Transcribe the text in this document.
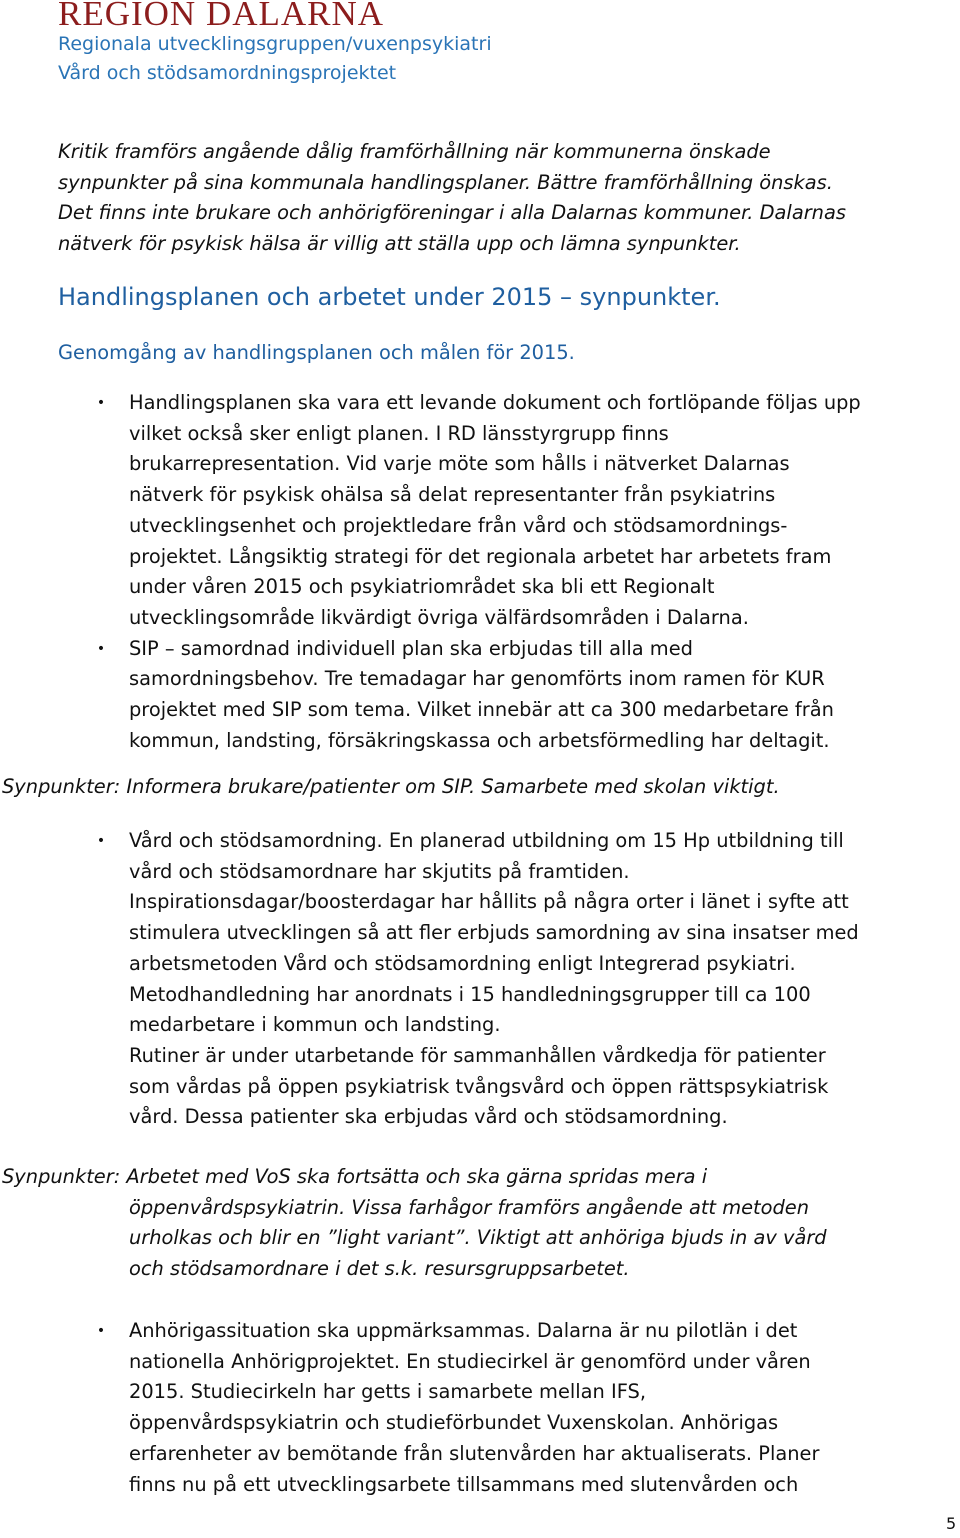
REGION DALARNA
Regionala utvecklingsgruppen/vuxenpsykiatri
Vård och stödsamordningsprojektet
Kritik framförs angående dålig framförhållning när kommunerna önskade
synpunkter på sina kommunala handlingsplaner. Bättre framförhållning önskas.
Det finns inte brukare och anhörigföreningar i alla Dalarnas kommuner. Dalarnas
nätverk för psykisk hälsa är villig att ställa upp och lämna synpunkter.
Handlingsplanen och arbetet under 2015 – synpunkter.
Genomgång av handlingsplanen och målen för 2015.
• Handlingsplanen ska vara ett levande dokument och fortlöpande följas upp
vilket också sker enligt planen. I RD länsstyrgrupp finns
brukarrepresentation. Vid varje möte som hålls i nätverket Dalarnas
nätverk för psykisk ohälsa så delat representanter från psykiatrins
utvecklingsenhet och projektledare från vård och stödsamordnings-
projektet. Långsiktig strategi för det regionala arbetet har arbetets fram
under våren 2015 och psykiatriområdet ska bli ett Regionalt
utvecklingsområde likvärdigt övriga välfärdsområden i Dalarna.
• SIP – samordnad individuell plan ska erbjudas till alla med
samordningsbehov. Tre temadagar har genomförts inom ramen för KUR
projektet med SIP som tema. Vilket innebär att ca 300 medarbetare från
kommun, landsting, försäkringskassa och arbetsförmedling har deltagit.
Synpunkter: Informera brukare/patienter om SIP. Samarbete med skolan viktigt.
• Vård och stödsamordning. En planerad utbildning om 15 Hp utbildning till
vård och stödsamordnare har skjutits på framtiden.
Inspirationsdagar/boosterdagar har hållits på några orter i länet i syfte att
stimulera utvecklingen så att fler erbjuds samordning av sina insatser med
arbetsmetoden Vård och stödsamordning enligt Integrerad psykiatri.
Metodhandledning har anordnats i 15 handledningsgrupper till ca 100
medarbetare i kommun och landsting.
Rutiner är under utarbetande för sammanhållen vårdkedja för patienter
som vårdas på öppen psykiatrisk tvångsvård och öppen rättspsykiatrisk
vård. Dessa patienter ska erbjudas vård och stödsamordning.
Synpunkter: Arbetet med VoS ska fortsätta och ska gärna spridas mera i
öppenvårdspsykiatrin. Vissa farhågor framförs angående att metoden
urholkas och blir en ”light variant”. Viktigt att anhöriga bjuds in av vård
och stödsamordnare i det s.k. resursgruppsarbetet.
• Anhörigassituation ska uppmärksammas. Dalarna är nu pilotlän i det
nationella Anhörigprojektet. En studiecirkel är genomförd under våren
2015. Studiecirkeln har getts i samarbete mellan IFS,
öppenvårdspsykiatrin och studieförbundet Vuxenskolan. Anhörigas
erfarenheter av bemötande från slutenvården har aktualiserats. Planer
finns nu på ett utvecklingsarbete tillsammans med slutenvården och
5
